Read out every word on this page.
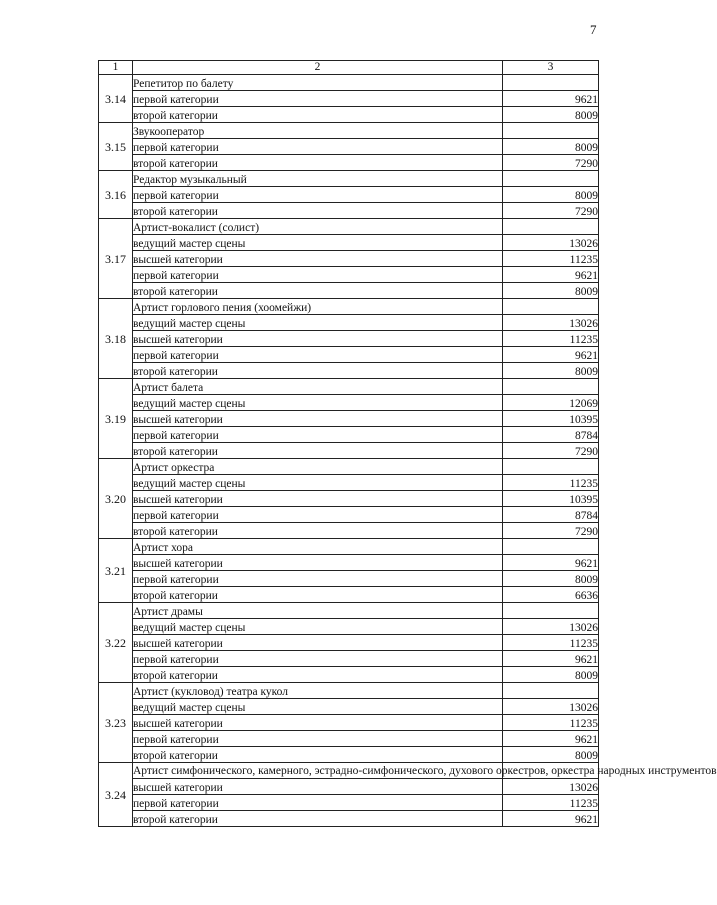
7
1	2	3
3.14	Репетитор по балету	
	первой категории	9621
	второй категории	8009
3.15	Звукооператор	
	первой категории	8009
	второй категории	7290
3.16	Редактор музыкальный	
	первой категории	8009
	второй категории	7290
3.17	Артист-вокалист (солист)	
	ведущий мастер сцены	13026
	высшей категории	11235
	первой категории	9621
	второй категории	8009
3.18	Артист горлового пения (хоомейжи)	
	ведущий мастер сцены	13026
	высшей категории	11235
	первой категории	9621
	второй категории	8009
3.19	Артист балета	
	ведущий мастер сцены	12069
	высшей категории	10395
	первой категории	8784
	второй категории	7290
3.20	Артист оркестра	
	ведущий мастер сцены	11235
	высшей категории	10395
	первой категории	8784
	второй категории	7290
3.21	Артист хора	
	высшей категории	9621
	первой категории	8009
	второй категории	6636
3.22	Артист драмы	
	ведущий мастер сцены	13026
	высшей категории	11235
	первой категории	9621
	второй категории	8009
3.23	Артист (кукловод) театра кукол	
	ведущий мастер сцены	13026
	высшей категории	11235
	первой категории	9621
	второй категории	8009
3.24	Артист симфонического, камерного, эстрадно-симфонического, духового оркестров, оркестра народных инструментов	
	высшей категории	13026
	первой категории	11235
	второй категории	9621
